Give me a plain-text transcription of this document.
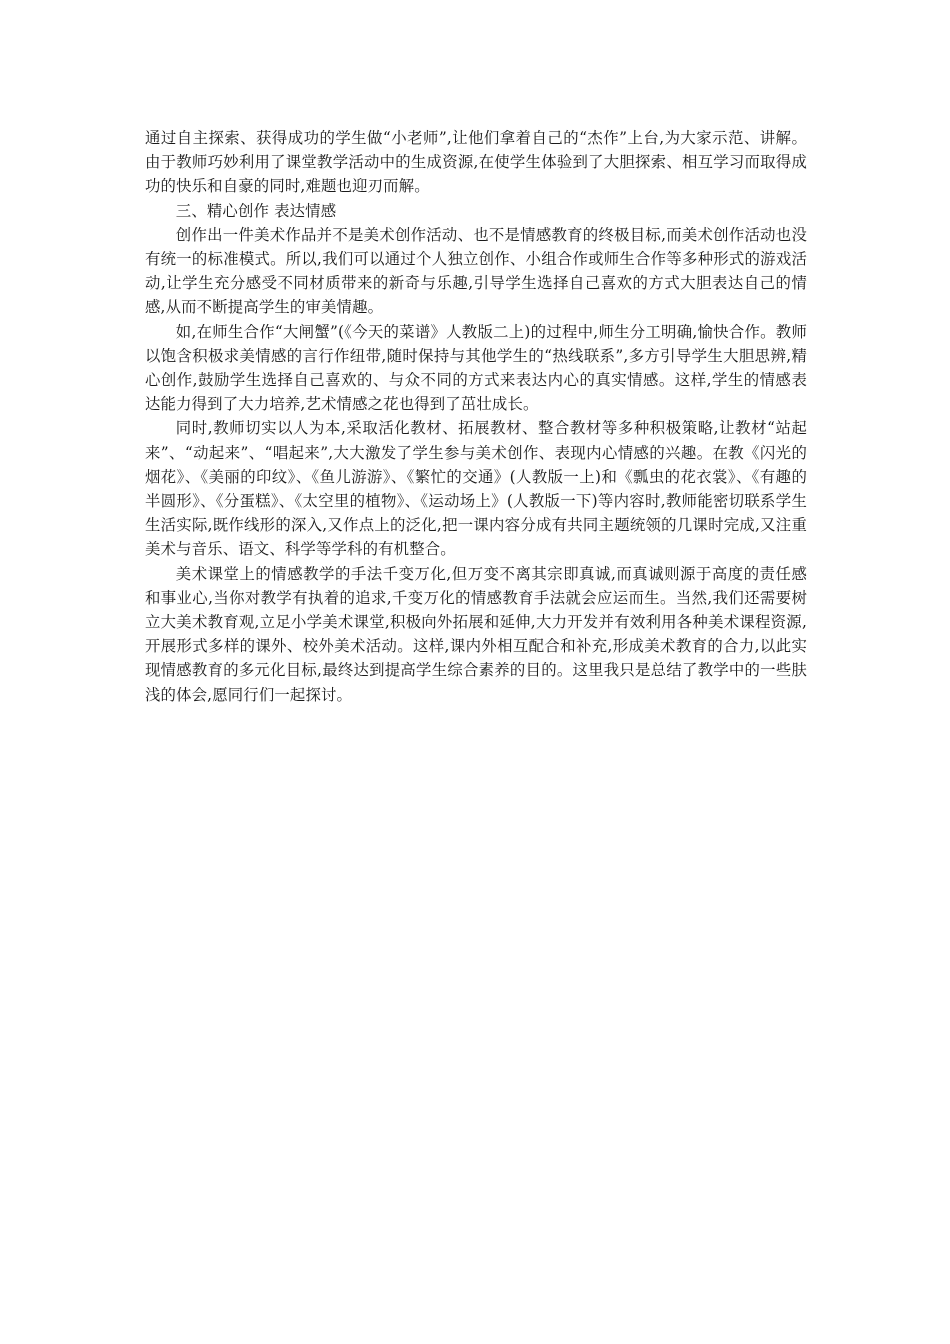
通过自主探索、获得成功的学生做“小老师”,让他们拿着自己的“杰作”上台,为大家示范、讲解。由于教师巧妙利用了课堂教学活动中的生成资源,在使学生体验到了大胆探索、相互学习而取得成功的快乐和自豪的同时,难题也迎刃而解。

三、精心创作 表达情感

创作出一件美术作品并不是美术创作活动、也不是情感教育的终极目标,而美术创作活动也没有统一的标准模式。所以,我们可以通过个人独立创作、小组合作或师生合作等多种形式的游戏活动,让学生充分感受不同材质带来的新奇与乐趣,引导学生选择自己喜欢的方式大胆表达自己的情感,从而不断提高学生的审美情趣。

如,在师生合作“大闸蟹”(《今天的菜谱》人教版二上)的过程中,师生分工明确,愉快合作。教师以饱含积极求美情感的言行作纽带,随时保持与其他学生的“热线联系”,多方引导学生大胆思辨,精心创作,鼓励学生选择自己喜欢的、与众不同的方式来表达内心的真实情感。这样,学生的情感表达能力得到了大力培养,艺术情感之花也得到了茁壮成长。

同时,教师切实以人为本,采取活化教材、拓展教材、整合教材等多种积极策略,让教材“站起来”、“动起来”、“唱起来”,大大激发了学生参与美术创作、表现内心情感的兴趣。在教《闪光的烟花》、《美丽的印纹》、《鱼儿游游》、《繁忙的交通》(人教版一上)和《瓢虫的花衣裳》、《有趣的半圆形》、《分蛋糕》、《太空里的植物》、《运动场上》(人教版一下)等内容时,教师能密切联系学生生活实际,既作线形的深入,又作点上的泛化,把一课内容分成有共同主题统领的几课时完成,又注重美术与音乐、语文、科学等学科的有机整合。

美术课堂上的情感教学的手法千变万化,但万变不离其宗即真诚,而真诚则源于高度的责任感和事业心,当你对教学有执着的追求,千变万化的情感教育手法就会应运而生。当然,我们还需要树立大美术教育观,立足小学美术课堂,积极向外拓展和延伸,大力开发并有效利用各种美术课程资源,开展形式多样的课外、校外美术活动。这样,课内外相互配合和补充,形成美术教育的合力,以此实现情感教育的多元化目标,最终达到提高学生综合素养的目的。这里我只是总结了教学中的一些肤浅的体会,愿同行们一起探讨。
